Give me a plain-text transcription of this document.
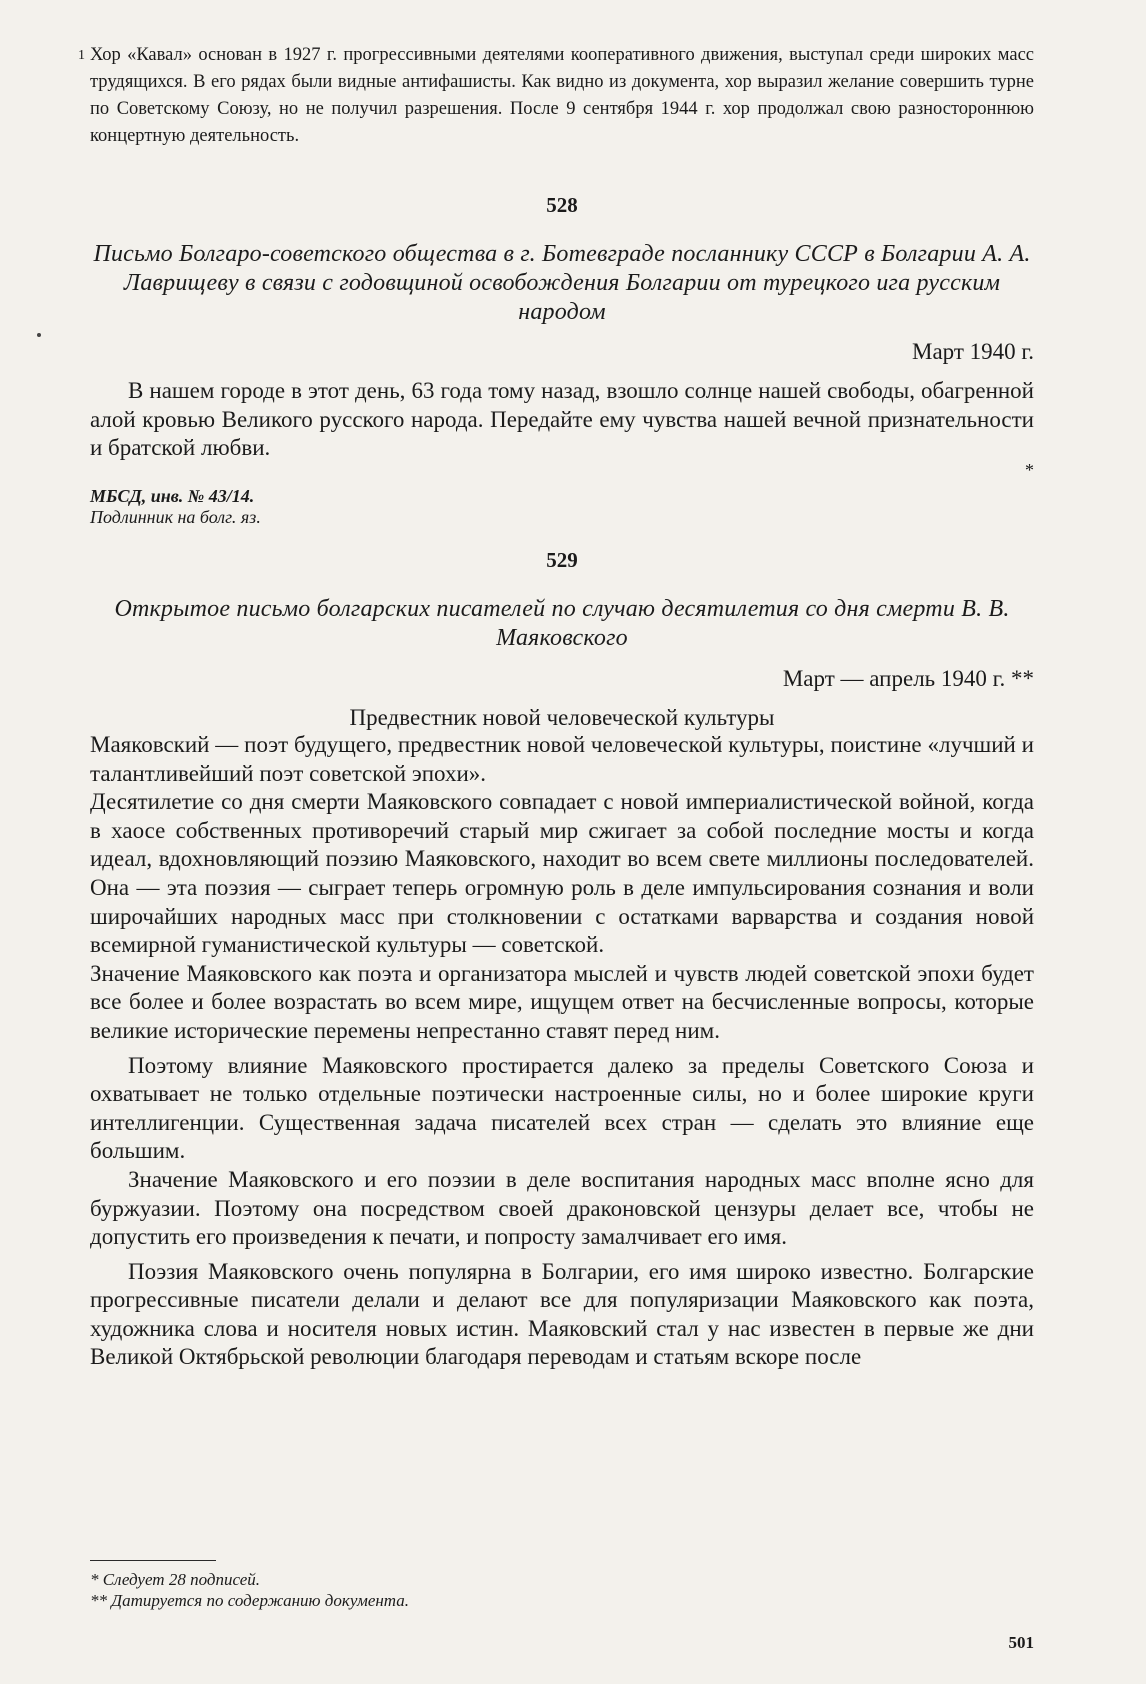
1 Хор «Кавал» основан в 1927 г. прогрессивными деятелями кооперативного движения, выступал среди широких масс трудящихся. В его рядах были видные антифашисты. Как видно из документа, хор выразил желание совершить турне по Советскому Союзу, но не получил разрешения. После 9 сентября 1944 г. хор продолжал свою разностороннюю концертную деятельность.

528

Письмо Болгаро-советского общества в г. Ботевграде посланнику СССР в Болгарии А. А. Лаврищеву в связи с годовщиной освобождения Болгарии от турецкого ига русским народом

Март 1940 г.

В нашем городе в этот день, 63 года тому назад, взошло солнце нашей свободы, обагренной алой кровью Великого русского народа. Передайте ему чувства нашей вечной признательности и братской любви.

*

МБСД, инв. № 43/14.

Подлинник на болг. яз.

529

Открытое письмо болгарских писателей по случаю десятилетия со дня смерти В. В. Маяковского

Март — апрель 1940 г. **

Предвестник новой человеческой культуры

Маяковский — поэт будущего, предвестник новой человеческой культуры, поистине «лучший и талантливейший поэт советской эпохи».

Десятилетие со дня смерти Маяковского совпадает с новой империалистической войной, когда в хаосе собственных противоречий старый мир сжигает за собой последние мосты и когда идеал, вдохновляющий поэзию Маяковского, находит во всем свете миллионы последователей. Она — эта поэзия — сыграет теперь огромную роль в деле импульсирования сознания и воли широчайших народных масс при столкновении с остатками варварства и создания новой всемирной гуманистической культуры — советской.

Значение Маяковского как поэта и организатора мыслей и чувств людей советской эпохи будет все более и более возрастать во всем мире, ищущем ответ на бесчисленные вопросы, которые великие исторические перемены непрестанно ставят перед ним.

Поэтому влияние Маяковского простирается далеко за пределы Советского Союза и охватывает не только отдельные поэтически настроенные силы, но и более широкие круги интеллигенции. Существенная задача писателей всех стран — сделать это влияние еще большим.

Значение Маяковского и его поэзии в деле воспитания народных масс вполне ясно для буржуазии. Поэтому она посредством своей драконовской цензуры делает все, чтобы не допустить его произведения к печати, и попросту замалчивает его имя.

Поэзия Маяковского очень популярна в Болгарии, его имя широко известно. Болгарские прогрессивные писатели делали и делают все для популяризации Маяковского как поэта, художника слова и носителя новых истин. Маяковский стал у нас известен в первые же дни Великой Октябрьской революции благодаря переводам и статьям вскоре после

* Следует 28 подписей.

** Датируется по содержанию документа.

501
